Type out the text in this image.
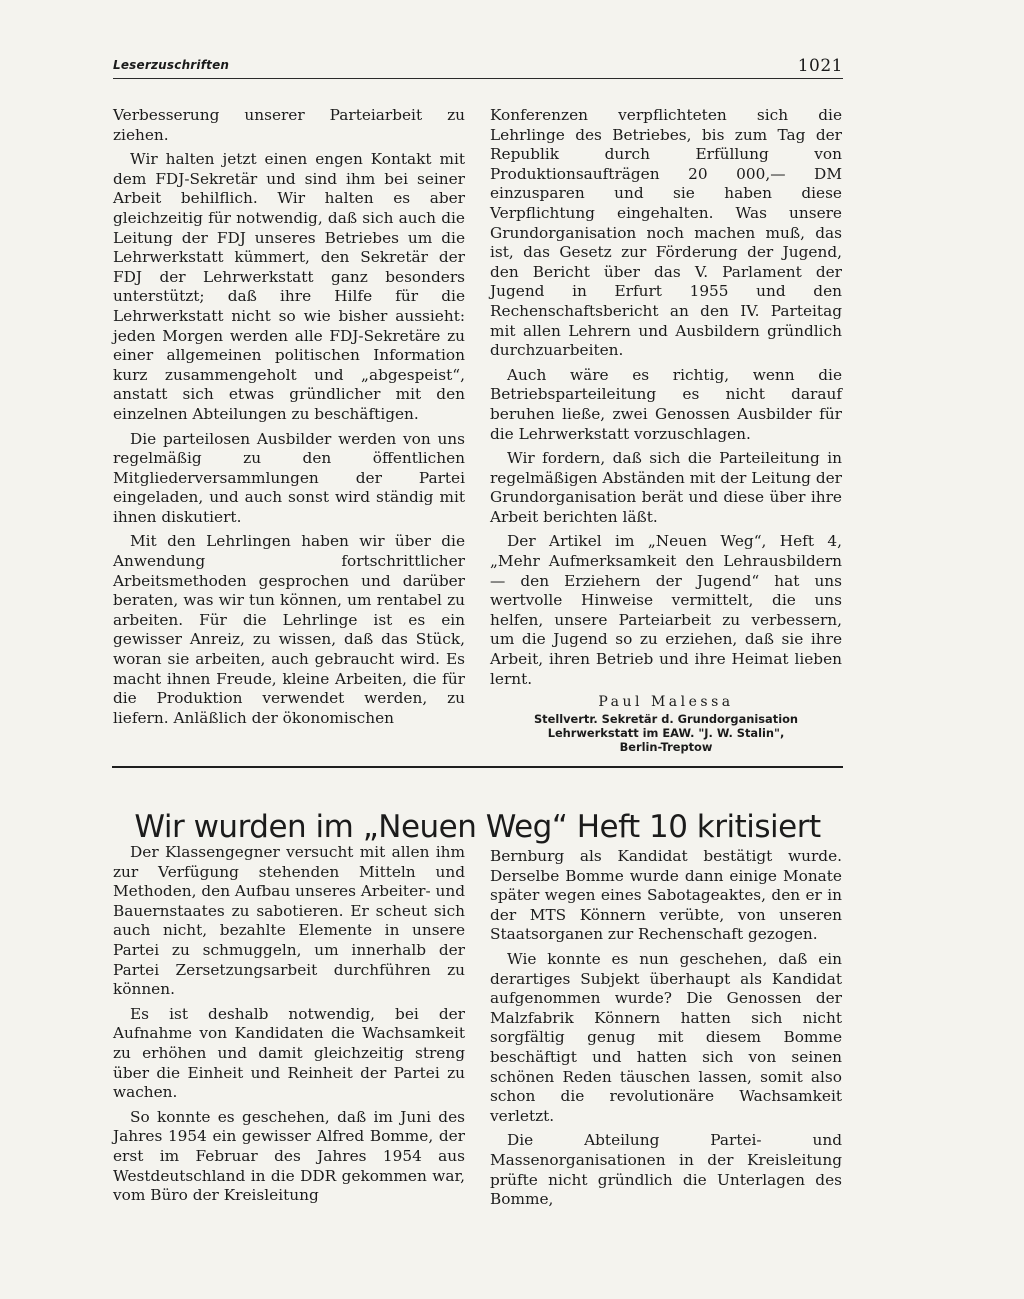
Leserzuschriften	1021

Verbesserung unserer Parteiarbeit zu ziehen.

Wir halten jetzt einen engen Kontakt mit dem FDJ-Sekretär und sind ihm bei seiner Arbeit behilflich. Wir halten es aber gleichzeitig für notwendig, daß sich auch die Leitung der FDJ unseres Betriebes um die Lehrwerkstatt kümmert, den Sekretär der FDJ der Lehrwerkstatt ganz besonders unterstützt; daß ihre Hilfe für die Lehrwerkstatt nicht so wie bisher aussieht: jeden Morgen werden alle FDJ-Sekretäre zu einer allgemeinen politischen Information kurz zusammengeholt und „abgespeist“, anstatt sich etwas gründlicher mit den einzelnen Abteilungen zu beschäftigen.

Die parteilosen Ausbilder werden von uns regelmäßig zu den öffentlichen Mitgliederversammlungen der Partei eingeladen, und auch sonst wird ständig mit ihnen diskutiert.

Mit den Lehrlingen haben wir über die Anwendung fortschrittlicher Arbeitsmethoden gesprochen und darüber beraten, was wir tun können, um rentabel zu arbeiten. Für die Lehrlinge ist es ein gewisser Anreiz, zu wissen, daß das Stück, woran sie arbeiten, auch gebraucht wird. Es macht ihnen Freude, kleine Arbeiten, die für die Produktion verwendet werden, zu liefern. Anläßlich der ökonomischen

Konferenzen verpflichteten sich die Lehrlinge des Betriebes, bis zum Tag der Republik durch Erfüllung von Produktionsaufträgen 20 000,— DM einzusparen und sie haben diese Verpflichtung eingehalten. Was unsere Grundorganisation noch machen muß, das ist, das Gesetz zur Förderung der Jugend, den Bericht über das V. Parlament der Jugend in Erfurt 1955 und den Rechenschaftsbericht an den IV. Parteitag mit allen Lehrern und Ausbildern gründlich durchzuarbeiten.

Auch wäre es richtig, wenn die Betriebsparteileitung es nicht darauf beruhen ließe, zwei Genossen Ausbilder für die Lehrwerkstatt vorzuschlagen.

Wir fordern, daß sich die Parteileitung in regelmäßigen Abständen mit der Leitung der Grundorganisation berät und diese über ihre Arbeit berichten läßt.

Der Artikel im „Neuen Weg“, Heft 4, „Mehr Aufmerksamkeit den Lehrausbildern — den Erziehern der Jugend“ hat uns wertvolle Hinweise vermittelt, die uns helfen, unsere Parteiarbeit zu verbessern, um die Jugend so zu erziehen, daß sie ihre Arbeit, ihren Betrieb und ihre Heimat lieben lernt.

Paul Malessa
Stellvertr. Sekretär d. Grundorganisation
Lehrwerkstatt im EAW. "J. W. Stalin",
Berlin-Treptow
Wir wurden im „Neuen Weg“ Heft 10 kritisiert

Der Klassengegner versucht mit allen ihm zur Verfügung stehenden Mitteln und Methoden, den Aufbau unseres Arbeiter- und Bauernstaates zu sabotieren. Er scheut sich auch nicht, bezahlte Elemente in unsere Partei zu schmuggeln, um innerhalb der Partei Zersetzungsarbeit durchführen zu können.

Es ist deshalb notwendig, bei der Aufnahme von Kandidaten die Wachsamkeit zu erhöhen und damit gleichzeitig streng über die Einheit und Reinheit der Partei zu wachen.

So konnte es geschehen, daß im Juni des Jahres 1954 ein gewisser Alfred Bomme, der erst im Februar des Jahres 1954 aus Westdeutschland in die DDR gekommen war, vom Büro der Kreisleitung

Bernburg als Kandidat bestätigt wurde. Derselbe Bomme wurde dann einige Monate später wegen eines Sabotageaktes, den er in der MTS Könnern verübte, von unseren Staatsorganen zur Rechenschaft gezogen.

Wie konnte es nun geschehen, daß ein derartiges Subjekt überhaupt als Kandidat aufgenommen wurde? Die Genossen der Malzfabrik Könnern hatten sich nicht sorgfältig genug mit diesem Bomme beschäftigt und hatten sich von seinen schönen Reden täuschen lassen, somit also schon die revolutionäre Wachsamkeit verletzt.

Die Abteilung Partei- und Massenorganisationen in der Kreisleitung prüfte nicht gründlich die Unterlagen des Bomme,
